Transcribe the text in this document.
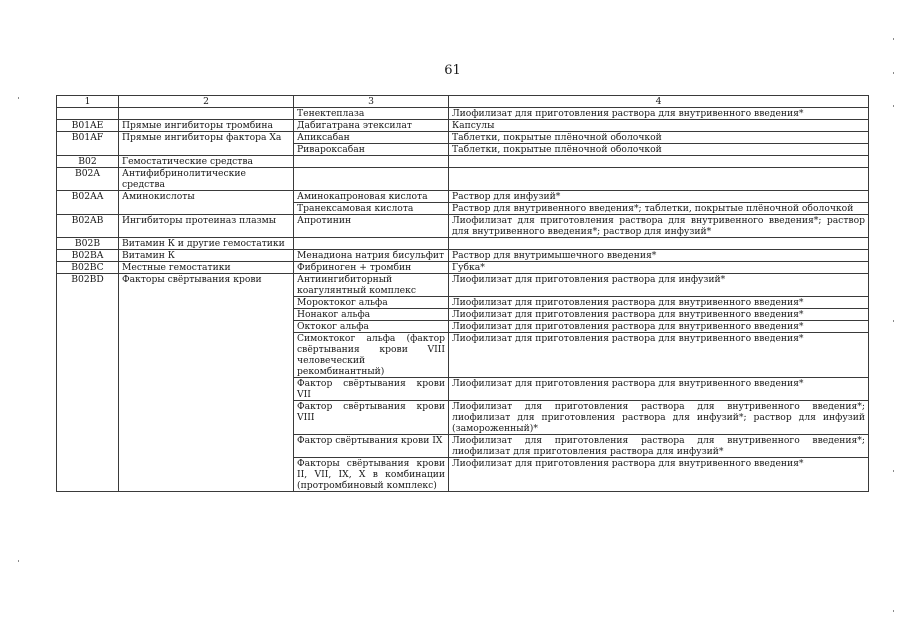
61
1	2	3	4
		Тенектеплаза	Лиофилизат для приготовления раствора для внутривенного введения*
B01AE	Прямые ингибиторы тромбина	Дабигатрана этексилат	Капсулы
B01AF	Прямые ингибиторы фактора Ха	Апиксабан	Таблетки, покрытые плёночной оболочкой
		Ривароксабан	Таблетки, покрытые плёночной оболочкой
B02	Гемостатические средства		
B02A	Антифибринолитические средства		
B02AA	Аминокислоты	Аминокапроновая кислота	Раствор для инфузий*
		Транексамовая кислота	Раствор для внутривенного введения*; таблетки, покрытые плёночной оболочкой
B02AB	Ингибиторы протеиназ плазмы	Апротинин	Лиофилизат для приготовления раствора для внутривенного введения*; раствор для внутривенного введения*; раствор для инфузий*
B02B	Витамин К и другие гемостатики		
B02BA	Витамин К	Менадиона натрия бисульфит	Раствор для внутримышечного введения*
B02BC	Местные гемостатики	Фибриноген + тромбин	Губка*
B02BD	Факторы свёртывания крови	Антиингибиторный коагулянтный комплекс	Лиофилизат для приготовления раствора для инфузий*
		Мороктоког альфа	Лиофилизат для приготовления раствора для внутривенного введения*
		Нонаког альфа	Лиофилизат для приготовления раствора для внутривенного введения*
		Октоког альфа	Лиофилизат для приготовления раствора для внутривенного введения*
		Симоктоког альфа (фактор свёртывания крови VIII человеческий рекомбинантный)	Лиофилизат для приготовления раствора для внутривенного введения*
		Фактор свёртывания крови VII	Лиофилизат для приготовления раствора для внутривенного введения*
		Фактор свёртывания крови VIII	Лиофилизат для приготовления раствора для внутривенного введения*; лиофилизат для приготовления раствора для инфузий*; раствор для инфузий (замороженный)*
		Фактор свёртывания крови IX	Лиофилизат для приготовления раствора для внутривенного введения*; лиофилизат для приготовления раствора для инфузий*
		Факторы свёртывания крови II, VII, IX, X в комбинации (протромбиновый комплекс)	Лиофилизат для приготовления раствора для внутривенного введения*
